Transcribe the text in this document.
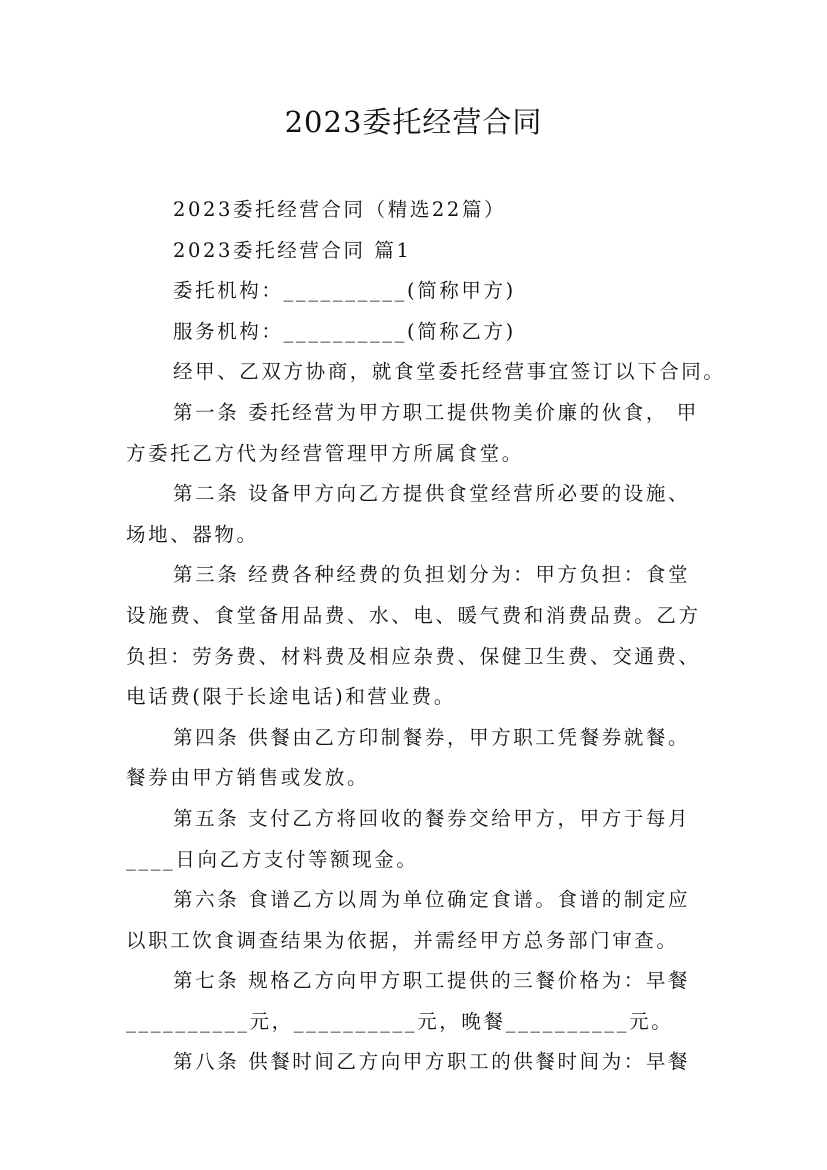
2023委托经营合同

2023委托经营合同（精选22篇）

2023委托经营合同 篇1

委托机构：__________(简称甲方)

服务机构：__________(简称乙方)

经甲、乙双方协商，就食堂委托经营事宜签订以下合同。

第一条 委托经营为甲方职工提供物美价廉的伙食， 甲

方委托乙方代为经营管理甲方所属食堂。

第二条 设备甲方向乙方提供食堂经营所必要的设施、

场地、器物。

第三条 经费各种经费的负担划分为：甲方负担：食堂

设施费、食堂备用品费、水、电、暖气费和消费品费。乙方

负担：劳务费、材料费及相应杂费、保健卫生费、交通费、

电话费(限于长途电话)和营业费。

第四条 供餐由乙方印制餐券，甲方职工凭餐券就餐。

餐券由甲方销售或发放。

第五条 支付乙方将回收的餐券交给甲方，甲方于每月

____日向乙方支付等额现金。

第六条 食谱乙方以周为单位确定食谱。食谱的制定应

以职工饮食调查结果为依据，并需经甲方总务部门审查。

第七条 规格乙方向甲方职工提供的三餐价格为：早餐

__________元，__________元，晚餐__________元。

第八条 供餐时间乙方向甲方职工的供餐时间为：早餐
